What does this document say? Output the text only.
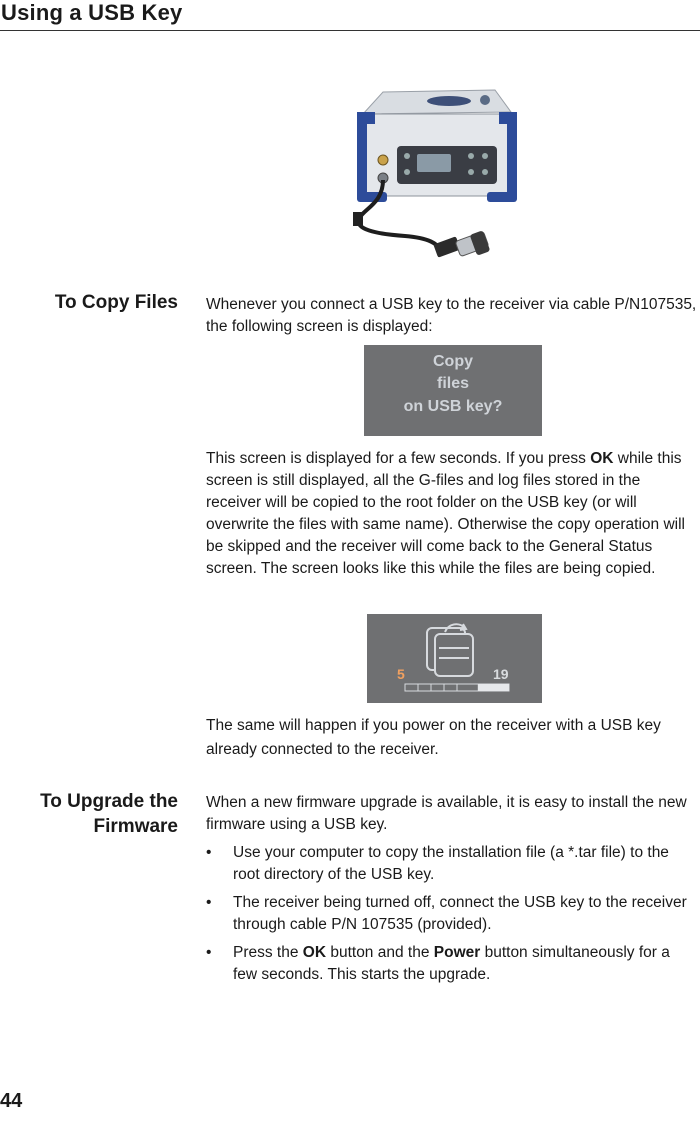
Using a USB Key
To Copy Files Whenever you connect a USB key to the receiver via cable P/N107535, the following screen is displayed:
Copy
files
on USB key?
This screen is displayed for a few seconds. If you press OK while this screen is still displayed, all the G-files and log files stored in the receiver will be copied to the root folder on the USB key (or will overwrite the files with same name). Otherwise the copy operation will be skipped and the receiver will come back to the General Status screen. The screen looks like this while the files are being copied.
5	19
The same will happen if you power on the receiver with a USB key already connected to the receiver.
To Upgrade the
Firmware
When a new firmware upgrade is available, it is easy to install the new firmware using a USB key.
• Use your computer to copy the installation file (a *.tar file) to the root directory of the USB key.
• The receiver being turned off, connect the USB key to the receiver through cable P/N 107535 (provided).
• Press the OK button and the Power button simultaneously for a few seconds. This starts the upgrade.
44
